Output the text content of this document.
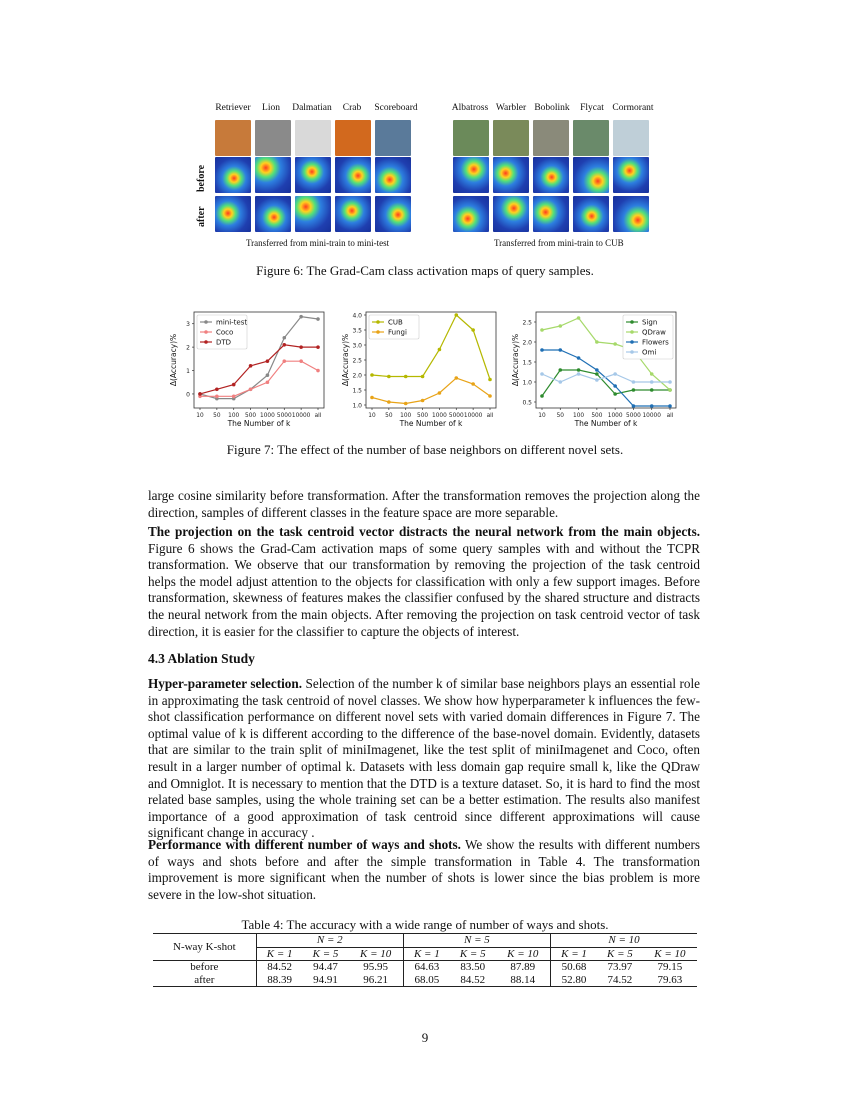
Retriever	Lion	Dalmatian	Crab	Scoreboard	Albatross Warbler Bobolink	Flycat Cormorant
before
after
Transferred from mini-train to mini-test	Transferred from mini-train to CUB
Figure 6: The Grad-Cam class activation maps of query samples.
0
1
2
3
10 50 100 500 1000 5000 10000 all
The Number of k
Δ(Accuracy)%
mini-test
Coco
DTD
1.0
1.5
2.0
2.5
3.0
3.5
4.0
10 50 100 500 1000 5000 10000 all
The Number of k
Δ(Accuracy)%
CUB
Fungi
0.5
1.0
1.5
2.0
2.5
10 50 100 500 1000 5000 10000 all
The Number of k
Δ(Accuracy)%
Sign
QDraw
Flowers
Omi
Figure 7: The effect of the number of base neighbors on different novel sets.
large cosine similarity before transformation. After the transformation removes the projection along the direction, samples of different classes in the feature space are more separable.
The projection on the task centroid vector distracts the neural network from the main objects. Figure 6 shows the Grad-Cam activation maps of some query samples with and without the TCPR transformation. We observe that our transformation by removing the projection of the task centroid helps the model adjust attention to the objects for classification with only a few support images. Before transformation, skewness of features makes the classifier confused by the shared structure and distracts the neural network from the main objects. After removing the projection on task centroid vector of task direction, it is easier for the classifier to capture the objects of interest.
4.3 Ablation Study
Hyper-parameter selection. Selection of the number k of similar base neighbors plays an essential role in approximating the task centroid of novel classes. We show how hyperparameter k influences the few-shot classification performance on different novel sets with varied domain differences in Figure 7. The optimal value of k is different according to the difference of the base-novel domain. Evidently, datasets that are similar to the train split of miniImagenet, like the test split of miniImagenet and Coco, often result in a larger number of optimal k. Datasets with less domain gap require small k, like the QDraw and Omniglot. It is necessary to mention that the DTD is a texture dataset. So, it is hard to find the most related base samples, using the whole training set can be a better estimation. The results also manifest importance of a good approximation of task centroid since different approximations will cause significant change in accuracy .
Performance with different number of ways and shots. We show the results with different numbers of ways and shots before and after the simple transformation in Table 4. The transformation improvement is more significant when the number of shots is lower since the bias problem is more severe in the low-shot situation.
Table 4: The accuracy with a wide range of number of ways and shots.
N-way K-shot	N = 2			N = 5			N = 10		
	K = 1	K = 5	K = 10	K = 1	K = 5	K = 10	K = 1	K = 5	K = 10
before	84.52	94.47	95.95	64.63	83.50	87.89	50.68	73.97	79.15
after	88.39	94.91	96.21	68.05	84.52	88.14	52.80	74.52	79.63
9
